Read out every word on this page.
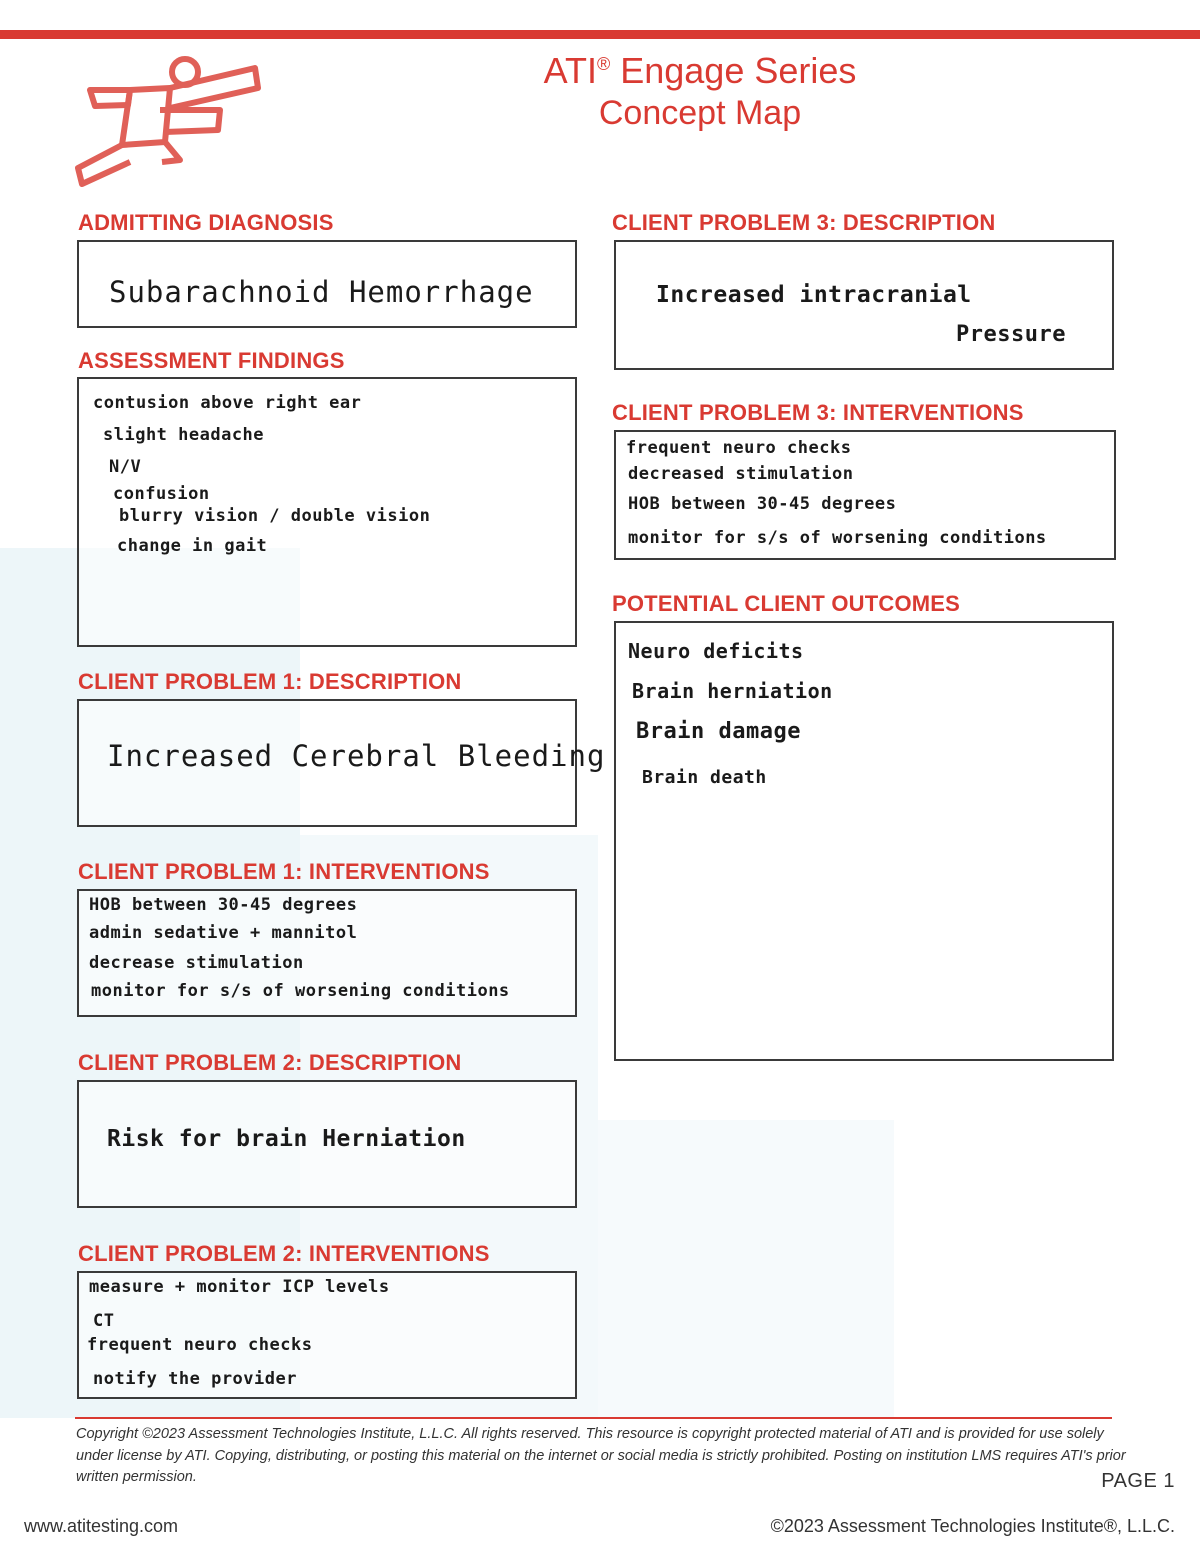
ATI® Engage Series
Concept Map
ADMITTING DIAGNOSIS
Subarachnoid Hemorrhage
ASSESSMENT FINDINGS
contusion above right ear
slight headache
N/V
confusion
blurry vision / double vision
change in gait
CLIENT PROBLEM 1: DESCRIPTION
Increased Cerebral Bleeding
CLIENT PROBLEM 1: INTERVENTIONS
HOB between 30-45 degrees
admin sedative + mannitol
decrease stimulation
monitor for s/s of worsening conditions
CLIENT PROBLEM 2: DESCRIPTION
Risk for brain Herniation
CLIENT PROBLEM 2: INTERVENTIONS
measure + monitor ICP levels
CT
frequent neuro checks
notify the provider
CLIENT PROBLEM 3: DESCRIPTION
Increased intracranial
Pressure
CLIENT PROBLEM 3: INTERVENTIONS
frequent neuro checks
decreased stimulation
HOB between 30-45 degrees
monitor for s/s of worsening conditions
POTENTIAL CLIENT OUTCOMES
Neuro deficits
Brain herniation
Brain damage
Brain death
Copyright ©2023 Assessment Technologies Institute, L.L.C. All rights reserved. This resource is copyright protected material of ATI and is provided for use solely under license by ATI. Copying, distributing, or posting this material on the internet or social media is strictly prohibited. Posting on institution LMS requires ATI's prior written permission.	PAGE 1
www.atitesting.com	©2023 Assessment Technologies Institute®, L.L.C.
